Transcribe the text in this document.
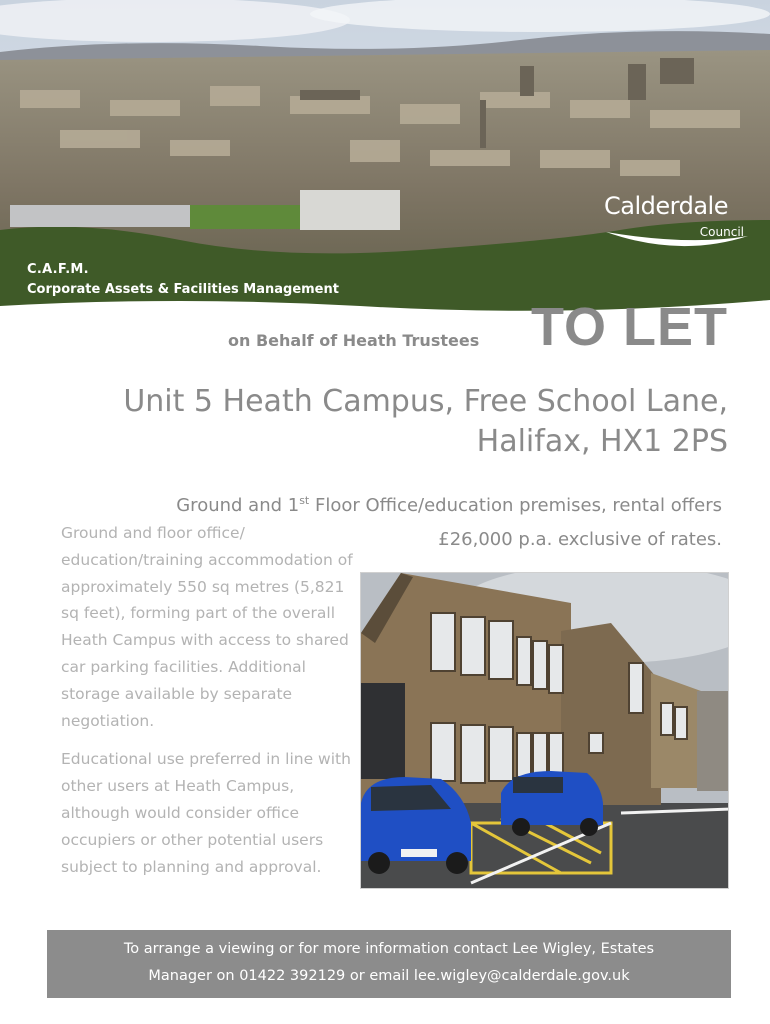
C.A.F.M.
Corporate Assets & Facilities Management
Calderdale
Council
on Behalf of Heath Trustees TO LET
Unit 5 Heath Campus, Free School Lane,
Halifax, HX1 2PS
Ground and 1st Floor Office/education premises, rental offers
£26,000 p.a. exclusive of rates.

Ground and floor office/ education/training accommodation of approximately 550 sq metres (5,821 sq feet), forming part of the overall Heath Campus with access to shared car parking facilities. Additional storage available by separate negotiation.

Educational use preferred in line with other users at Heath Campus, although would consider office occupiers or other potential users subject to planning and approval.

To arrange a viewing or for more information contact Lee Wigley, Estates
Manager on 01422 392129 or email lee.wigley@calderdale.gov.uk
